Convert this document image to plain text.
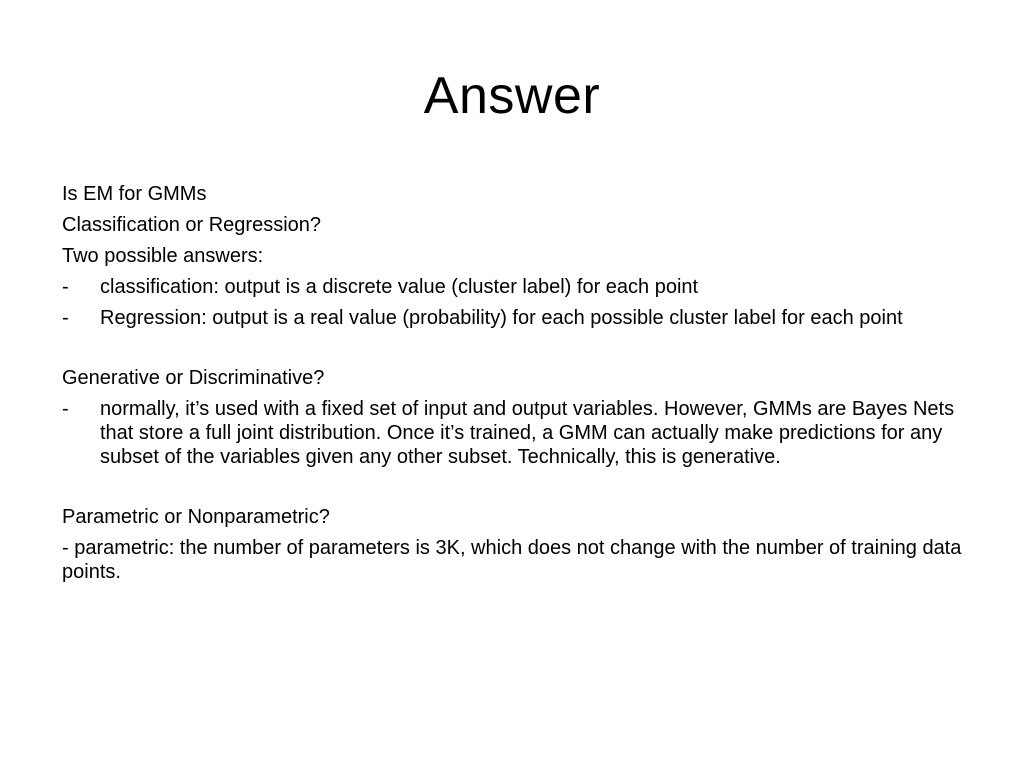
Answer
Is EM for GMMs
Classification or Regression?
Two possible answers:
- classification: output is a discrete value (cluster label) for each point
- Regression: output is a real value (probability) for each possible cluster label for each point
Generative or Discriminative?
- normally, it’s used with a fixed set of input and output variables. However, GMMs are Bayes Nets that store a full joint distribution. Once it’s trained, a GMM can actually make predictions for any subset of the variables given any other subset. Technically, this is generative.
Parametric or Nonparametric?
- parametric: the number of parameters is 3K, which does not change with the number of training data points.
